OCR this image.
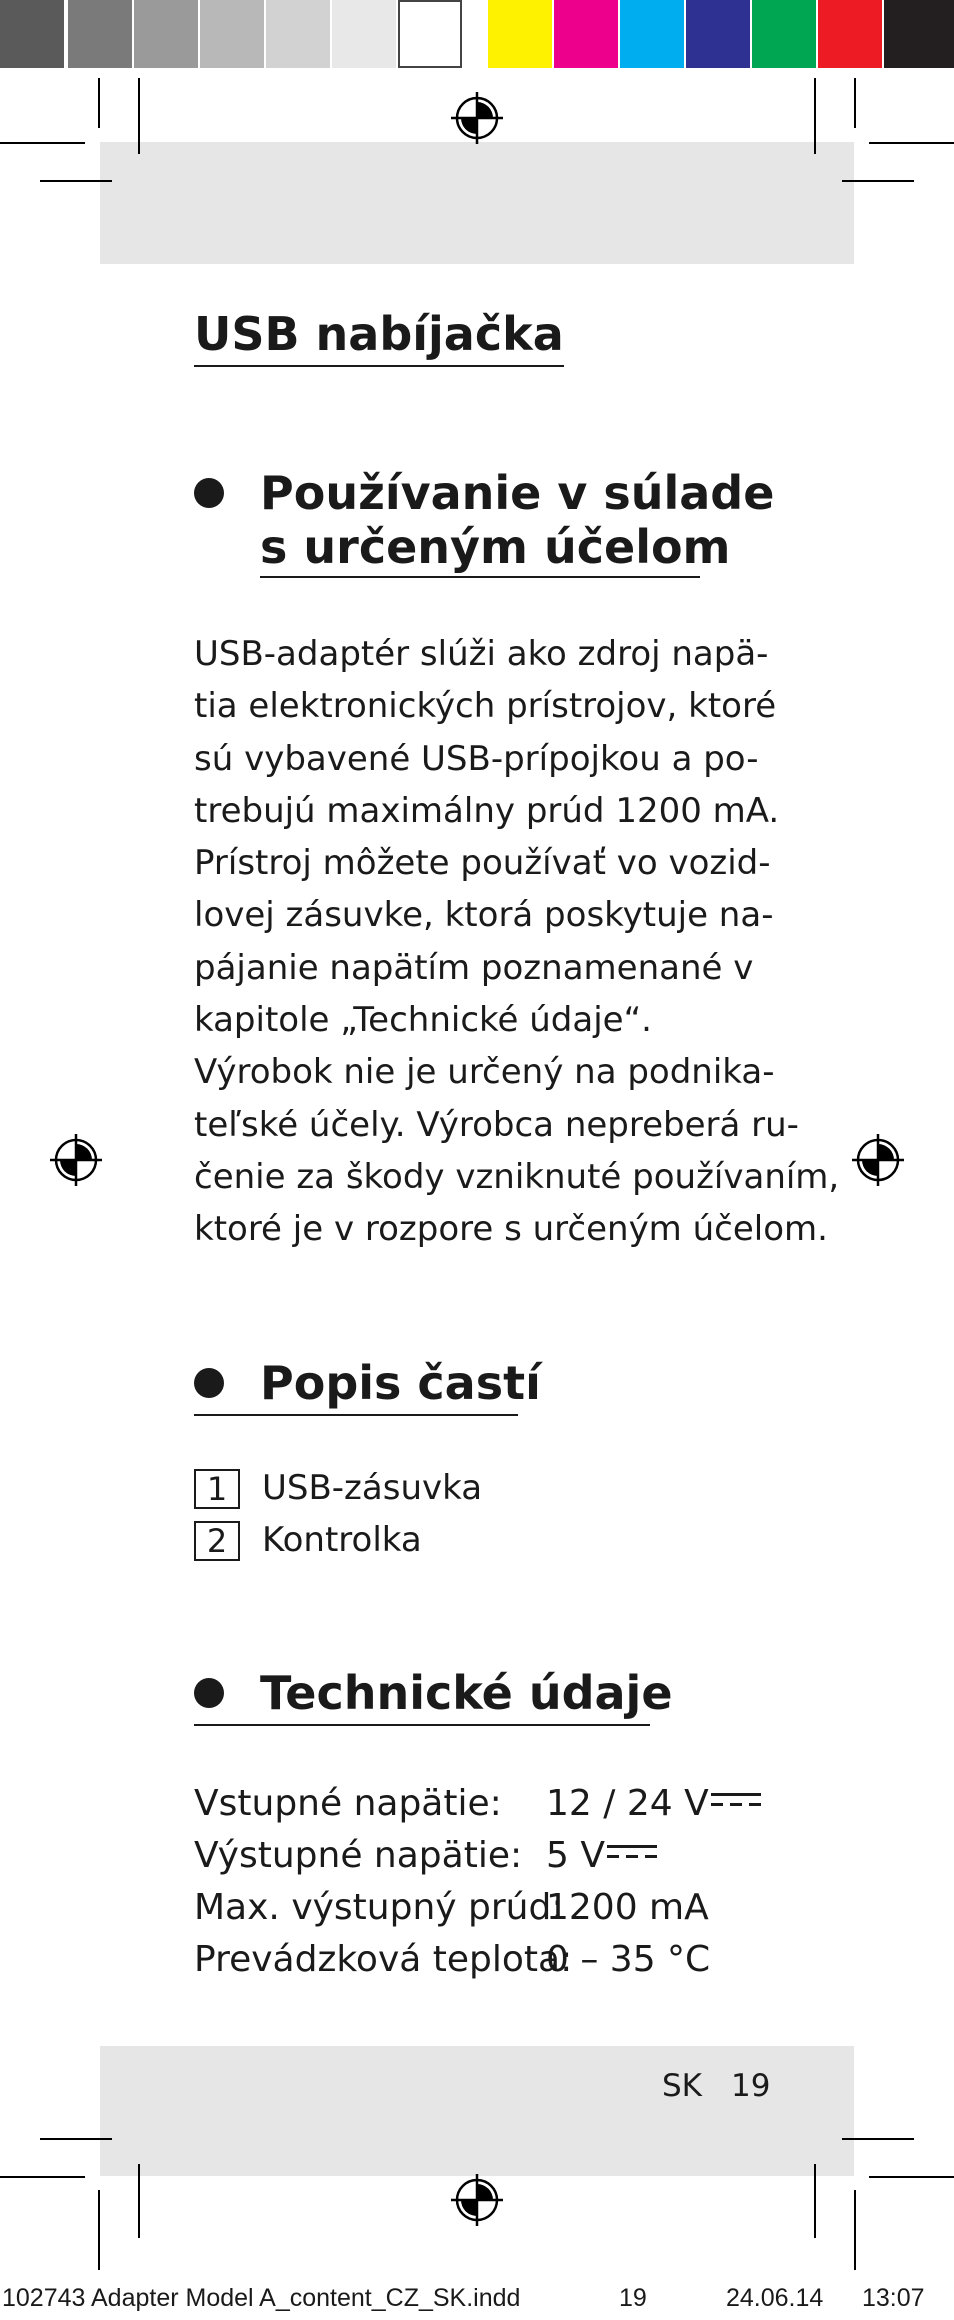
USB nabíjačka
Používanie v súlade
s určeným účelom
USB-adaptér slúži ako zdroj napä-
tia elektronických prístrojov, ktoré
sú vybavené USB-prípojkou a po-
trebujú maximálny prúd 1200 mA.
Prístroj môžete používať vo vozid-
lovej zásuvke, ktorá poskytuje na-
pájanie napätím poznamenané v
kapitole „Technické údaje“.
Výrobok nie je určený na podnika-
teľské účely. Výrobca nepreberá ru-
čenie za škody vzniknuté používaním,
ktoré je v rozpore s určeným účelom.
Popis častí
1	USB-zásuvka
2	Kontrolka
Technické údaje
Vstupné napätie: 12 / 24 V
Výstupné napätie: 5 V
Max. výstupný prúd:
1200 mA
Prevádzková teplota:
0 – 35 °C
SK 19
102743 Adapter Model A_content_CZ_SK.indd	19	24.06.14 13:07
